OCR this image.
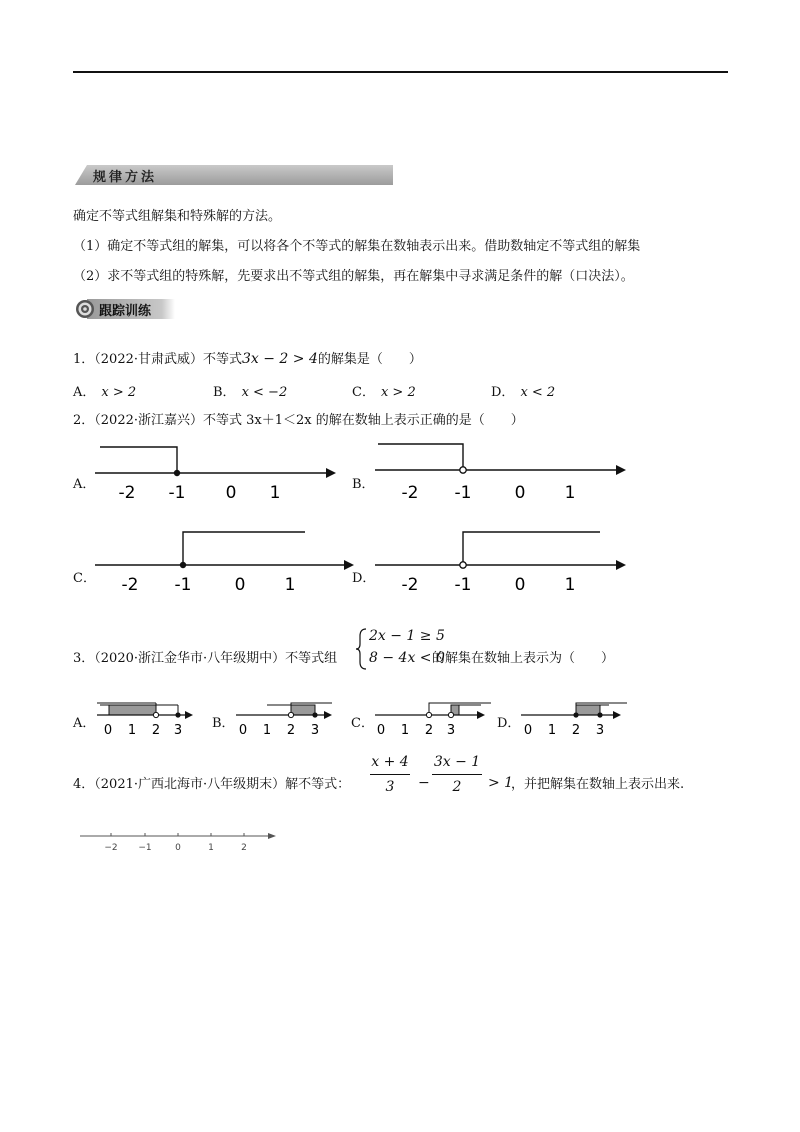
规律方法
确定不等式组解集和特殊解的方法。
（1）确定不等式组的解集，可以将各个不等式的解集在数轴表示出来。借助数轴定不等式组的解集
（2）求不等式组的特殊解，先要求出不等式组的解集，再在解集中寻求满足条件的解（口决法）。
跟踪训练
1．（2022·甘肃武威）不等式3x − 2 > 4的解集是（　　）
A． x > 2	B． x < −2	C． x > 2	D． x < 2
2．（2022·浙江嘉兴）不等式 3x＋1＜2x 的解在数轴上表示正确的是（　　）
A． -2 -1 0 1	B． -2 -1	0 1
C． -2 -1	0 1	D． -2 -1	0 1
3．（2020·浙江金华市·八年级期中）不等式组
2x − 1 ≥ 5
8 − 4x < 0
的解集在数轴上表示为（　　）
A． 0 1 2 3 B． 0 1 2 3 C． 0 1 2 3	D． 0 1 2 3
4．（2021·广西北海市·八年级期末）解不等式：
x + 4
3	−
3x − 1
2	> 1
，并把解集在数轴上表示出来.
−2 −1	0	1	2
